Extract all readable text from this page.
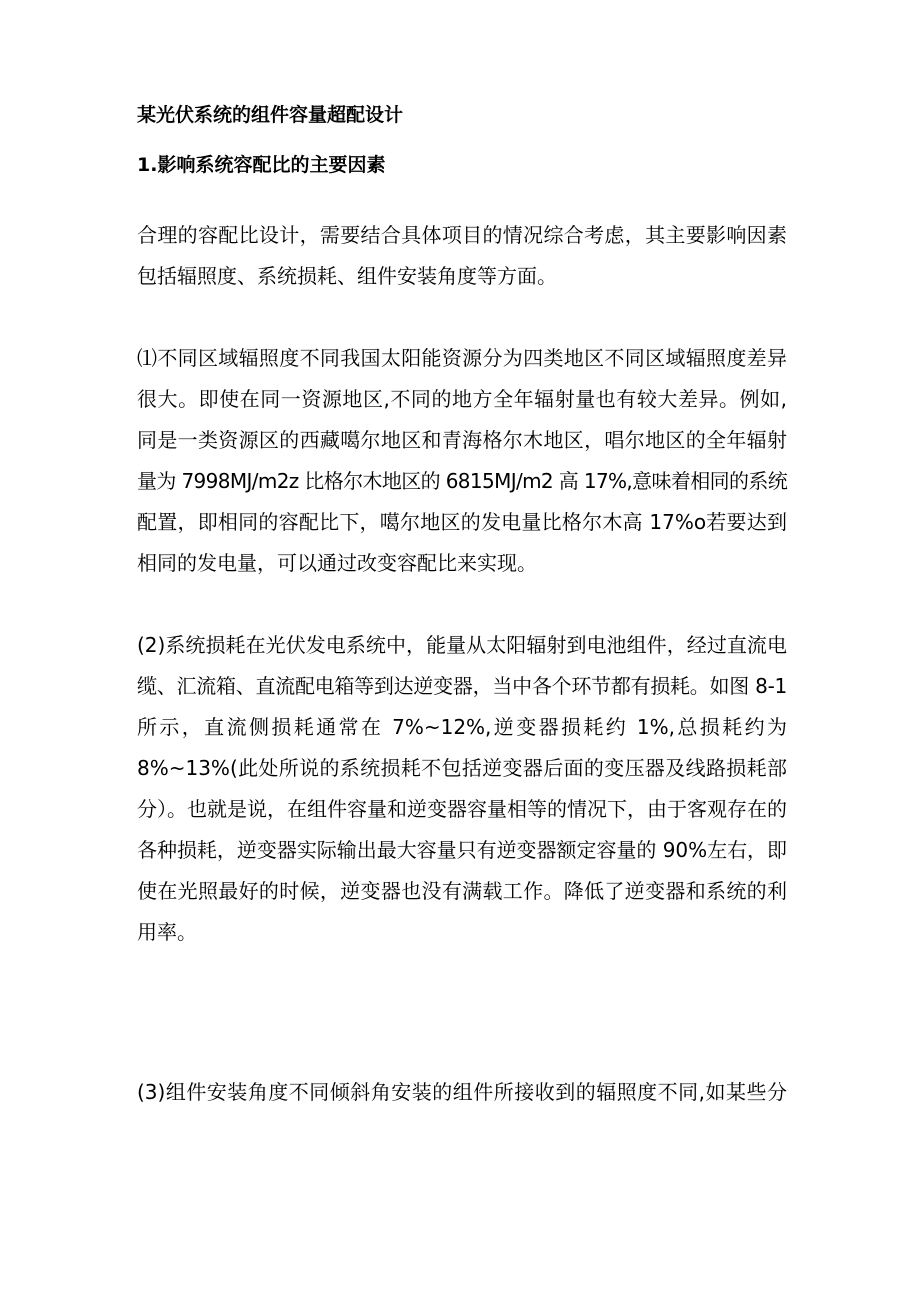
某光伏系统的组件容量超配设计
1.影响系统容配比的主要因素
合理的容配比设计，需要结合具体项目的情况综合考虑，其主要影响因素
包括辐照度、系统损耗、组件安装角度等方面。
⑴不同区域辐照度不同我国太阳能资源分为四类地区不同区域辐照度差异
很大。即使在同一资源地区,不同的地方全年辐射量也有较大差异。例如,
同是一类资源区的西藏噶尔地区和青海格尔木地区，唱尔地区的全年辐射
量为 7998MJ/m2z 比格尔木地区的 6815MJ/m2 高 17%,意味着相同的系统
配置，即相同的容配比下，噶尔地区的发电量比格尔木高 17%o若要达到
相同的发电量，可以通过改变容配比来实现。
(2)系统损耗在光伏发电系统中，能量从太阳辐射到电池组件，经过直流电
缆、汇流箱、直流配电箱等到达逆变器，当中各个环节都有损耗。如图 8-1
所示，直流侧损耗通常在 7%~12%,逆变器损耗约 1%,总损耗约为
8%~13%(此处所说的系统损耗不包括逆变器后面的变压器及线路损耗部
分）。也就是说，在组件容量和逆变器容量相等的情况下，由于客观存在的
各种损耗，逆变器实际输出最大容量只有逆变器额定容量的 90%左右，即
使在光照最好的时候，逆变器也没有满载工作。降低了逆变器和系统的利
用率。
(3)组件安装角度不同倾斜角安装的组件所接收到的辐照度不同,如某些分
